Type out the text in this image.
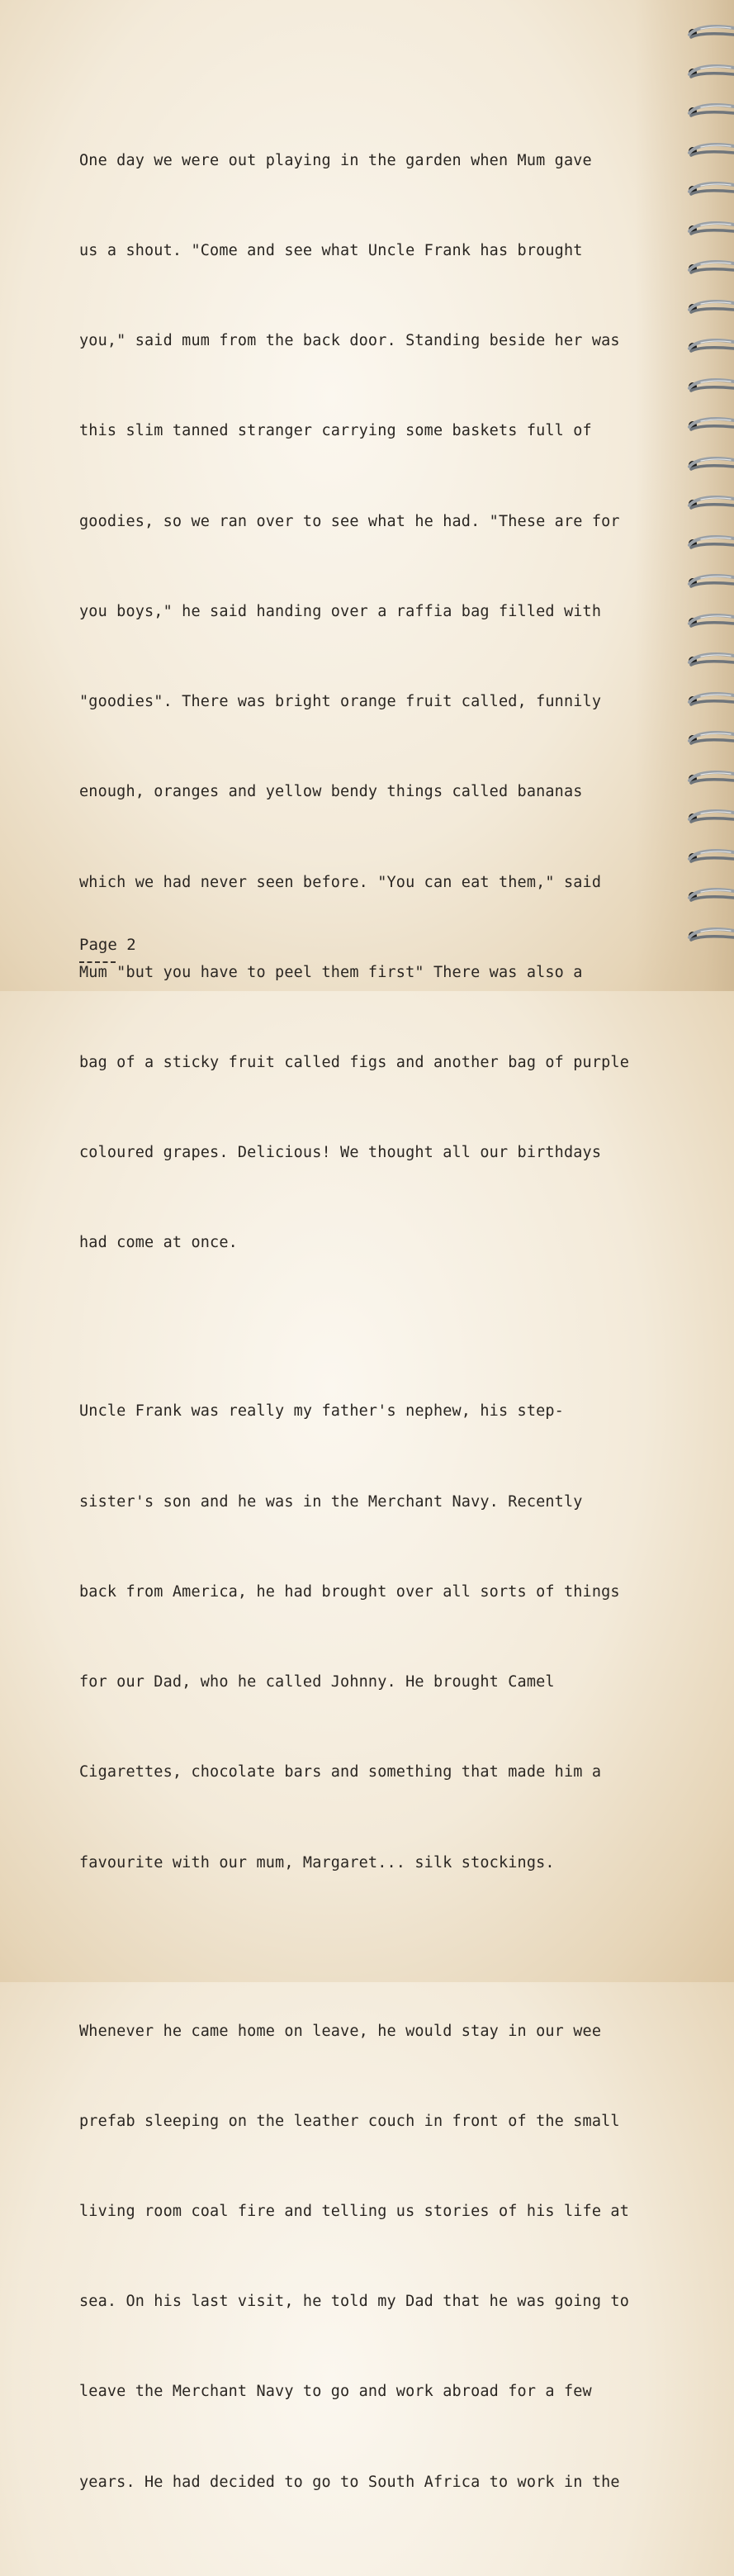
One day we were out playing in the garden when Mum gave

us a shout. "Come and see what Uncle Frank has brought

you," said mum from the back door. Standing beside her was

this slim tanned stranger carrying some baskets full of

goodies, so we ran over to see what he had. "These are for

you boys," he said handing over a raffia bag filled with

"goodies". There was bright orange fruit called, funnily

enough, oranges and yellow bendy things called bananas

which we had never seen before. "You can eat them," said

Mum "but you have to peel them first" There was also a

bag of a sticky fruit called figs and another bag of purple

coloured grapes. Delicious! We thought all our birthdays

had come at once.

Uncle Frank was really my father's nephew, his step-

sister's son and he was in the Merchant Navy. Recently

back from America, he had brought over all sorts of things

for our Dad, who he called Johnny. He brought Camel

Cigarettes, chocolate bars and something that made him a

favourite with our mum, Margaret... silk stockings.

Whenever he came home on leave, he would stay in our wee

prefab sleeping on the leather couch in front of the small

living room coal fire and telling us stories of his life at

sea. On his last visit, he told my Dad that he was going to

leave the Merchant Navy to go and work abroad for a few

years. He had decided to go to South Africa to work in the

Page 2
